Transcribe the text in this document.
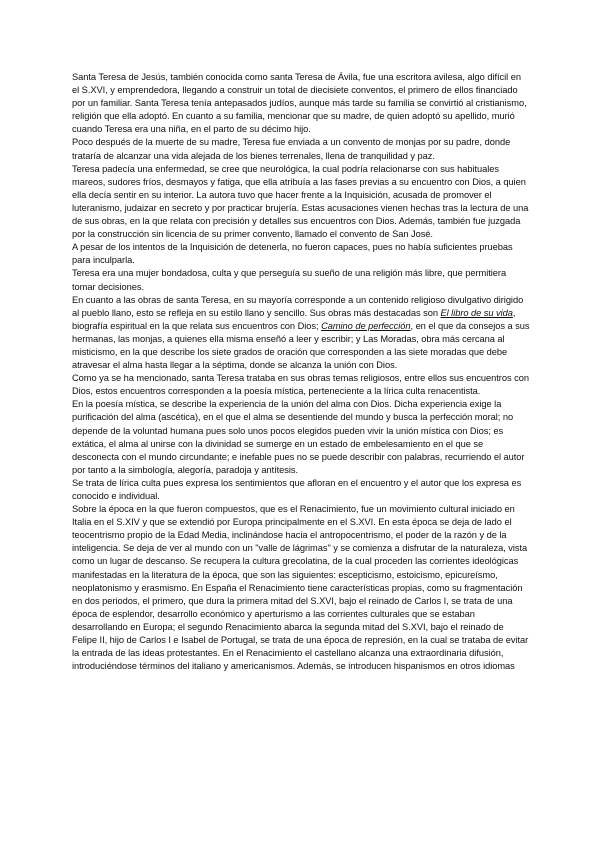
Santa Teresa de Jesús, también conocida como santa Teresa de Ávila, fue una escritora avilesa, algo difícil en el S.XVI, y emprendedora, llegando a construir un total de diecisiete conventos, el primero de ellos financiado por un familiar. Santa Teresa tenía antepasados judíos, aunque más tarde su familia se convirtió al cristianismo, religión que ella adoptó. En cuanto a su familia, mencionar que su madre, de quien adoptó su apellido, murió cuando Teresa era una niña, en el parto de su décimo hijo.

Poco después de la muerte de su madre, Teresa fue enviada a un convento de monjas por su padre, donde trataría de alcanzar una vida alejada de los bienes terrenales, llena de tranquilidad y paz.

Teresa padecía una enfermedad, se cree que neurológica, la cual podría relacionarse con sus habituales mareos, sudores fríos, desmayos y fatiga, que ella atribuía a las fases previas a su encuentro con Dios, a quien ella decía sentir en su interior. La autora tuvo que hacer frente a la Inquisición, acusada de promover el luteranismo, judaizar en secreto y por practicar brujería. Estas acusaciones vienen hechas tras la lectura de una de sus obras, en la que relata con precisión y detalles sus encuentros con Dios. Además, también fue juzgada por la construcción sin licencia de su primer convento, llamado el convento de San José.

A pesar de los intentos de la Inquisición de detenerla, no fueron capaces, pues no había suficientes pruebas para inculparla.

Teresa era una mujer bondadosa, culta y que perseguía su sueño de una religión más libre, que permitiera tomar decisiones.

En cuanto a las obras de santa Teresa, en su mayoría corresponde a un contenido religioso divulgativo dirigido al pueblo llano, esto se refleja en su estilo llano y sencillo. Sus obras más destacadas son El libro de su vida, biografía espiritual en la que relata sus encuentros con Dios; Camino de perfección, en el que da consejos a sus hermanas, las monjas, a quienes ella misma enseñó a leer y escribir; y Las Moradas, obra más cercana al misticismo, en la que describe los siete grados de oración que corresponden a las siete moradas que debe atravesar el alma hasta llegar a la séptima, donde se alcanza la unión con Dios.

Como ya se ha mencionado, santa Teresa trataba en sus obras temas religiosos, entre ellos sus encuentros con Dios, estos encuentros corresponden a la poesía mística, perteneciente a la lírica culta renacentista.

En la poesía mística, se describe la experiencia de la unión del alma con Dios. Dicha experiencia exige la purificación del alma (ascética), en el que el alma se desentiende del mundo y busca la perfección moral; no depende de la voluntad humana pues solo unos pocos elegidos pueden vivir la unión mística con Dios; es extática, el alma al unirse con la divinidad se sumerge en un estado de embelesamiento en el que se desconecta con el mundo circundante; e inefable pues no se puede describir con palabras, recurriendo el autor por tanto a la simbología, alegoría, paradoja y antítesis.

Se trata de lírica culta pues expresa los sentimientos que afloran en el encuentro y el autor que los expresa es conocido e individual.

Sobre la época en la que fueron compuestos, que es el Renacimiento, fue un movimiento cultural iniciado en Italia en el S.XIV y que se extendió por Europa principalmente en el S.XVI. En esta época se deja de lado el teocentrismo propio de la Edad Media, inclinándose hacia el antropocentrismo, el poder de la razón y de la inteligencia. Se deja de ver al mundo con un "valle de lágrimas" y se comienza a disfrutar de la naturaleza, vista como un lugar de descanso. Se recupera la cultura grecolatina, de la cual proceden las corrientes ideológicas manifestadas en la literatura de la época, que son las siguientes: escepticismo, estoicismo, epicureísmo, neoplatonismo y erasmismo. En España el Renacimiento tiene características propias, como su fragmentación en dos periodos, el primero, que dura la primera mitad del S.XVI, bajo el reinado de Carlos I, se trata de una época de esplendor, desarrollo económico y aperturismo a las corrientes culturales que se estaban desarrollando en Europa; el segundo Renacimiento abarca la segunda mitad del S.XVI, bajo el reinado de Felipe II, hijo de Carlos I e Isabel de Portugal, se trata de una época de represión, en la cual se trataba de evitar la entrada de las ideas protestantes. En el Renacimiento el castellano alcanza una extraordinaria difusión, introduciéndose términos del italiano y americanismos. Además, se introducen hispanismos en otros idiomas
